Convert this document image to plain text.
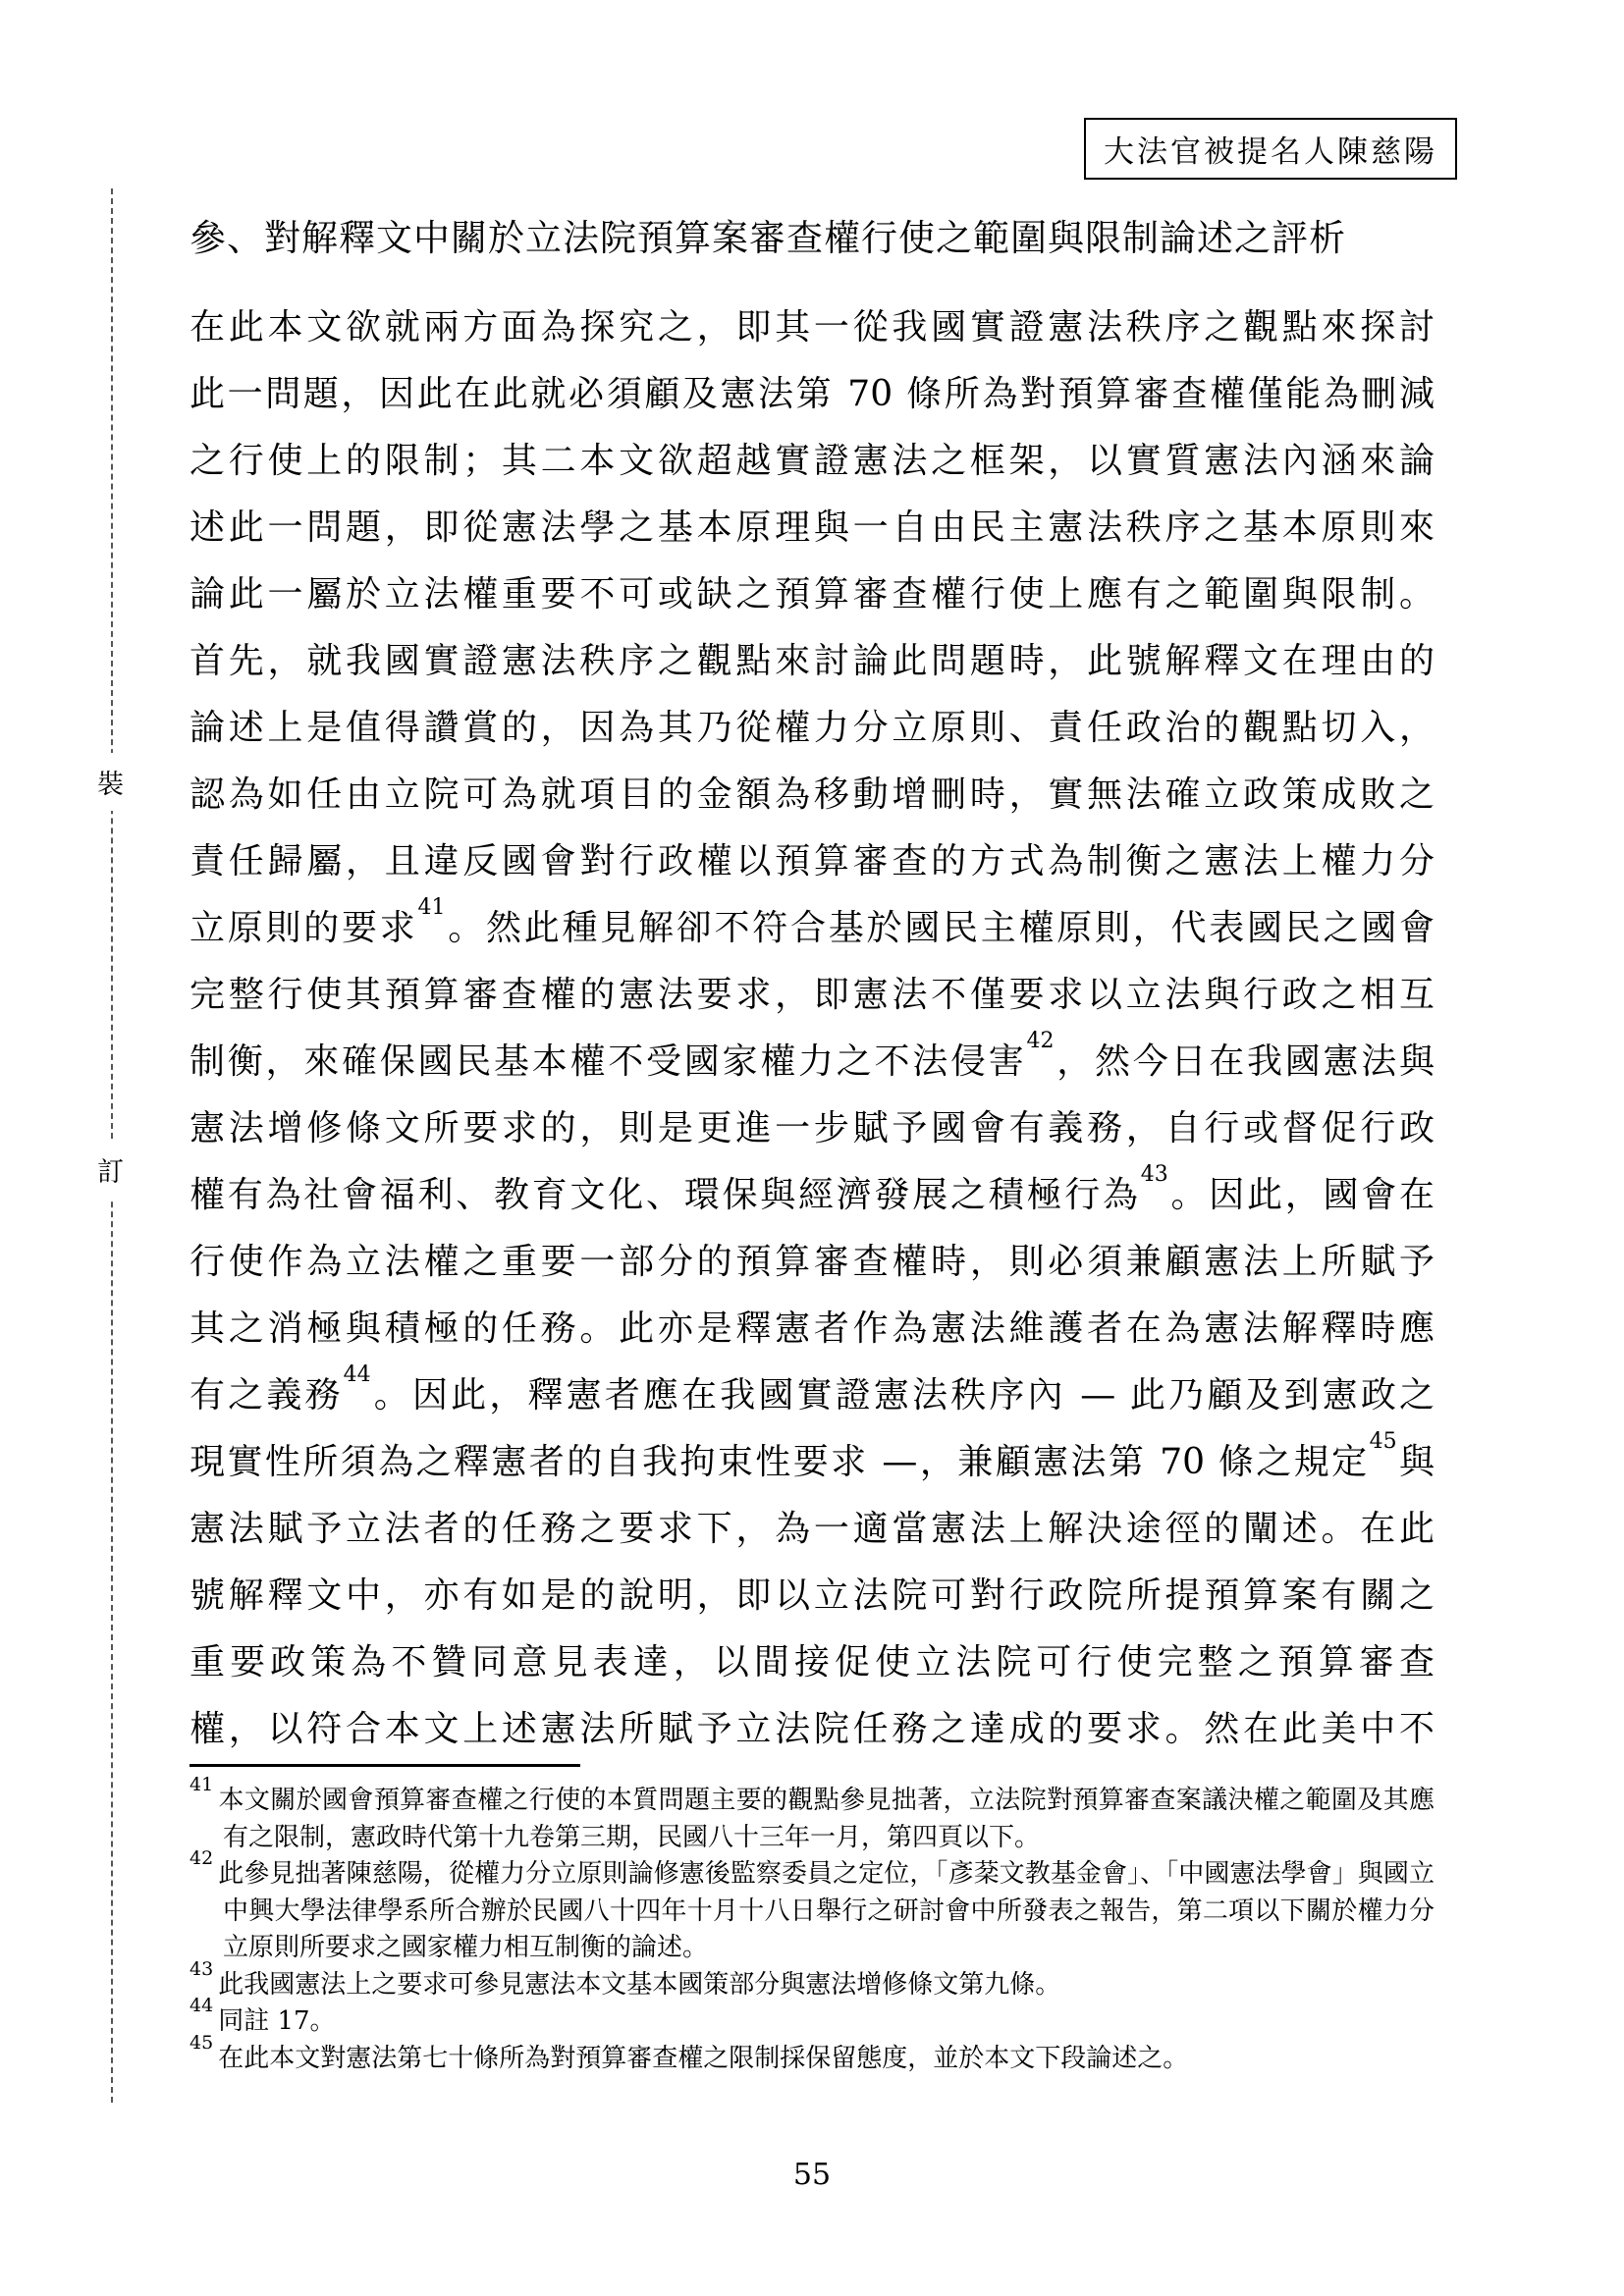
大法官被提名人陳慈陽
裝
訂
參、對解釋文中關於立法院預算案審查權行使之範圍與限制論述之評析
在此本文欲就兩方面為探究之，即其一從我國實證憲法秩序之觀點來探討
此一問題，因此在此就必須顧及憲法第 70 條所為對預算審查權僅能為刪減
之行使上的限制；其二本文欲超越實證憲法之框架，以實質憲法內涵來論
述此一問題，即從憲法學之基本原理與一自由民主憲法秩序之基本原則來
論此一屬於立法權重要不可或缺之預算審查權行使上應有之範圍與限制。
首先，就我國實證憲法秩序之觀點來討論此問題時，此號解釋文在理由的
論述上是值得讚賞的，因為其乃從權力分立原則、責任政治的觀點切入，
認為如任由立院可為就項目的金額為移動增刪時，實無法確立政策成敗之
責任歸屬，且違反國會對行政權以預算審查的方式為制衡之憲法上權力分
立原則的要求$^{41}$。然此種見解卻不符合基於國民主權原則，代表國民之國會
完整行使其預算審查權的憲法要求，即憲法不僅要求以立法與行政之相互
制衡，來確保國民基本權不受國家權力之不法侵害$^{42}$，然今日在我國憲法與
憲法增修條文所要求的，則是更進一步賦予國會有義務，自行或督促行政
權有為社會福利、教育文化、環保與經濟發展之積極行為$^{43}$。因此，國會在
行使作為立法權之重要一部分的預算審查權時，則必須兼顧憲法上所賦予
其之消極與積極的任務。此亦是釋憲者作為憲法維護者在為憲法解釋時應
有之義務$^{44}$。因此，釋憲者應在我國實證憲法秩序內 — 此乃顧及到憲政之
現實性所須為之釋憲者的自我拘束性要求 —，兼顧憲法第 70 條之規定$^{45}$與
憲法賦予立法者的任務之要求下，為一適當憲法上解決途徑的闡述。在此
號解釋文中，亦有如是的說明，即以立法院可對行政院所提預算案有關之
重要政策為不贊同意見表達，以間接促使立法院可行使完整之預算審查
權，以符合本文上述憲法所賦予立法院任務之達成的要求。然在此美中不

$^{41}$本文關於國會預算審查權之行使的本質問題主要的觀點參見拙著，立法院對預算審查案議決權之範圍及其應有之限制，憲政時代第十九卷第三期，民國八十三年一月，第四頁以下。

$^{42}$此參見拙著陳慈陽，從權力分立原則論修憲後監察委員之定位，「彥棻文教基金會」、「中國憲法學會」與國立中興大學法律學系所合辦於民國八十四年十月十八日舉行之研討會中所發表之報告，第二項以下關於權力分立原則所要求之國家權力相互制衡的論述。

$^{43}$此我國憲法上之要求可參見憲法本文基本國策部分與憲法增修條文第九條。

$^{44}$同註 17。

$^{45}$在此本文對憲法第七十條所為對預算審查權之限制採保留態度，並於本文下段論述之。

55
